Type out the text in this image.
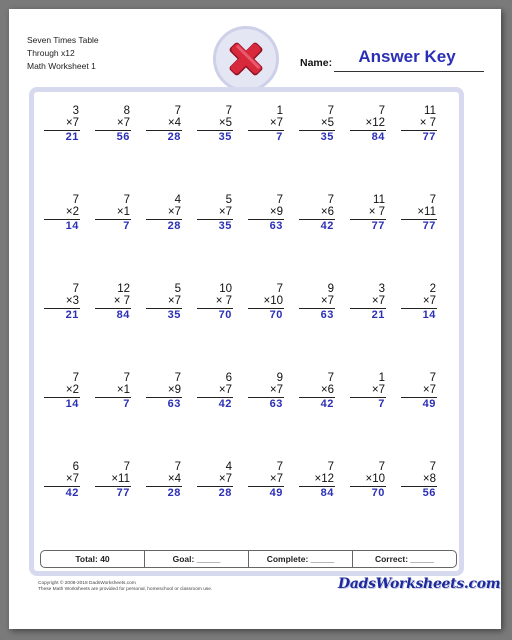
Seven Times Table
Through x12
Math Worksheet 1	Name:	Answer Key
3
×7
21
8
×7
56
7
×4
28
7
×5
35
1
×7
7
7
×5
35
7
×12
84
11
× 7
77
7
×2
14
7
×1
7
4
×7
28
5
×7
35
7
×9
63
7
×6
42
11
× 7
77
7
×11
77
7
×3
21
12
× 7
84
5
×7
35
10
× 7
70
7
×10
70
9
×7
63
3
×7
21
2
×7
14
7
×2
14
7
×1
7
7
×9
63
6
×7
42
9
×7
63
7
×6
42
1
×7
7
7
×7
49
6
×7
42
7
×11
77
7
×4
28
4
×7
28
7
×7
49
7
×12
84
7
×10
70
7
×8
56
Total: 40	Goal: _____	Complete: _____	Correct: _____
Copyright © 2008-2018 DadsWorksheets.com
These Math Worksheets are provided for personal, homeschool or classroom use.	DadsWorksheets.com
